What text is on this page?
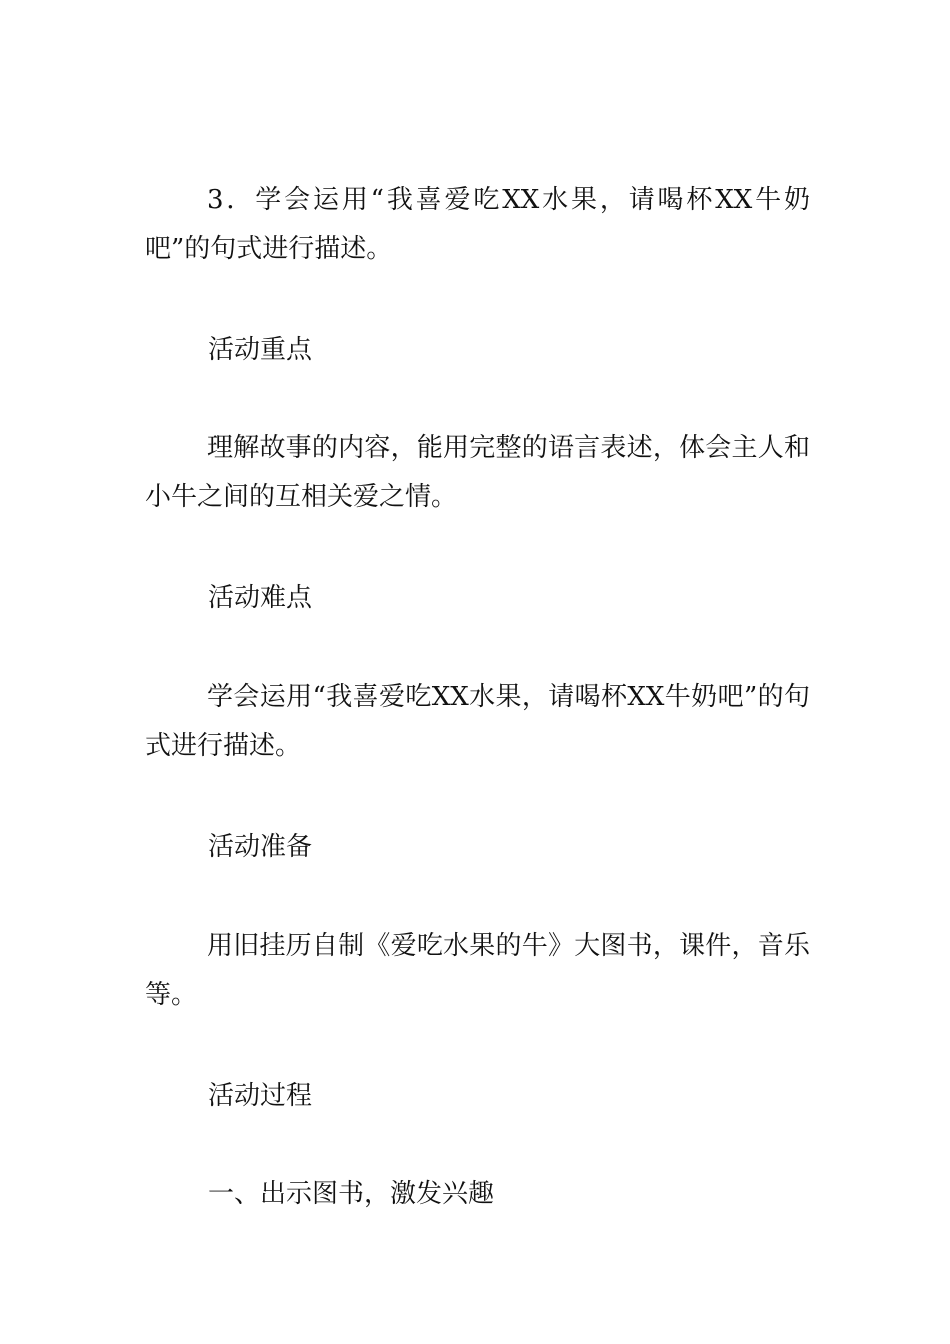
3．学会运用“我喜爱吃XX水果，请喝杯XX牛奶吧”的句式进行描述。

活动重点

理解故事的内容，能用完整的语言表述，体会主人和小牛之间的互相关爱之情。

活动难点

学会运用“我喜爱吃XX水果，请喝杯XX牛奶吧”的句式进行描述。

活动准备

用旧挂历自制《爱吃水果的牛》大图书，课件，音乐等。

活动过程

一、出示图书，激发兴趣
